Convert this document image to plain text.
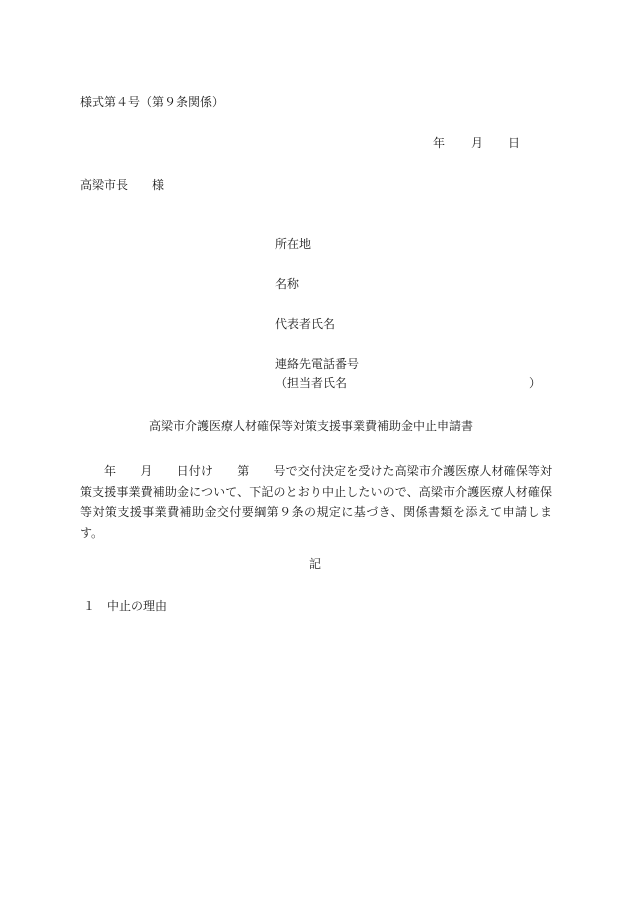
様式第４号（第９条関係）
年 月 日
高梁市長 様
所在地
名称
代表者氏名
連絡先電話番号
（担当者氏名	）
高梁市介護医療人材確保等対策支援事業費補助金中止申請書
年　　月　　日付け　　第　　号で交付決定を受けた高梁市介護医療人材確保等対策支援事業費補助金について、下記のとおり中止したいので、高梁市介護医療人材確保等対策支援事業費補助金交付要綱第９条の規定に基づき、関係書類を添えて申請します。
記
１ 中止の理由
